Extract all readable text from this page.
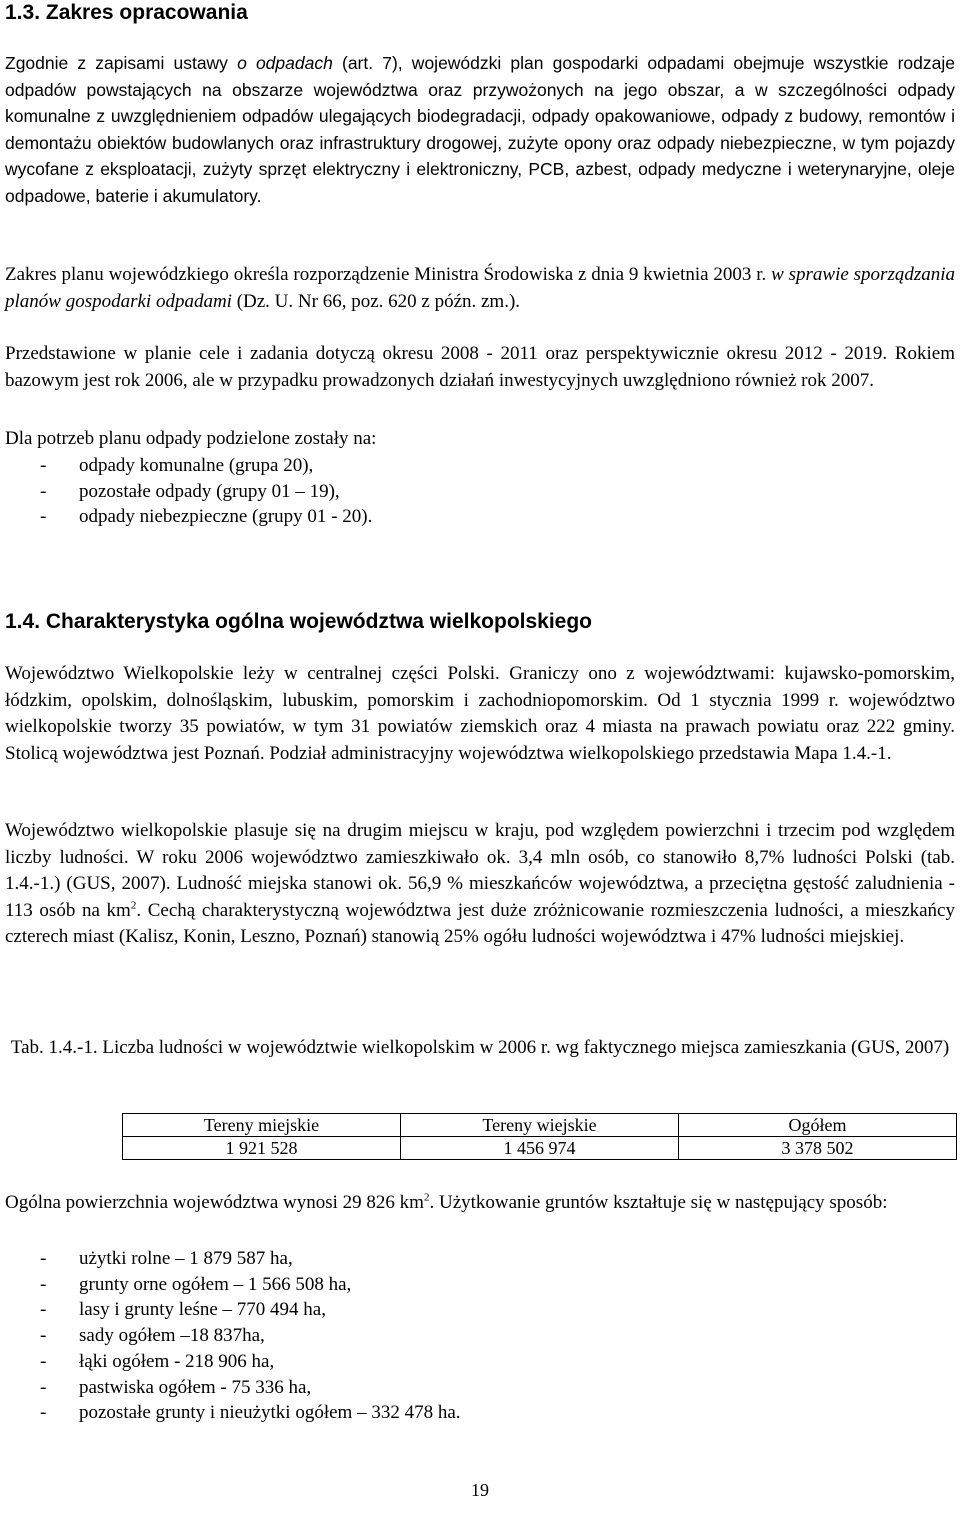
1.3. Zakres opracowania

Zgodnie z zapisami ustawy o odpadach (art. 7), wojewódzki plan gospodarki odpadami obejmuje wszystkie rodzaje odpadów powstających na obszarze województwa oraz przywożonych na jego obszar, a w szczególności odpady komunalne z uwzględnieniem odpadów ulegających biodegradacji, odpady opakowaniowe, odpady z budowy, remontów i demontażu obiektów budowlanych oraz infrastruktury drogowej, zużyte opony oraz odpady niebezpieczne, w tym pojazdy wycofane z eksploatacji, zużyty sprzęt elektryczny i elektroniczny, PCB, azbest, odpady medyczne i weterynaryjne, oleje odpadowe, baterie i akumulatory.

Zakres planu wojewódzkiego określa rozporządzenie Ministra Środowiska z dnia 9 kwietnia 2003 r. w sprawie sporządzania planów gospodarki odpadami (Dz. U. Nr 66, poz. 620 z późn. zm.).

Przedstawione w planie cele i zadania dotyczą okresu 2008 - 2011 oraz perspektywicznie okresu 2012 - 2019. Rokiem bazowym jest rok 2006, ale w przypadku prowadzonych działań inwestycyjnych uwzględniono również rok 2007.

Dla potrzeb planu odpady podzielone zostały na:

- odpady komunalne (grupa 20),
- pozostałe odpady (grupy 01 – 19),
- odpady niebezpieczne (grupy 01 - 20).
1.4. Charakterystyka ogólna województwa wielkopolskiego

Województwo Wielkopolskie leży w centralnej części Polski. Graniczy ono z województwami: kujawsko-pomorskim, łódzkim, opolskim, dolnośląskim, lubuskim, pomorskim i zachodniopomorskim. Od 1 stycznia 1999 r. województwo wielkopolskie tworzy 35 powiatów, w tym 31 powiatów ziemskich oraz 4 miasta na prawach powiatu oraz 222 gminy. Stolicą województwa jest Poznań. Podział administracyjny województwa wielkopolskiego przedstawia Mapa 1.4.-1.

Województwo wielkopolskie plasuje się na drugim miejscu w kraju, pod względem powierzchni i trzecim pod względem liczby ludności. W roku 2006 województwo zamieszkiwało ok. 3,4 mln osób, co stanowiło 8,7% ludności Polski (tab. 1.4.-1.) (GUS, 2007). Ludność miejska stanowi ok. 56,9 % mieszkańców województwa, a przeciętna gęstość zaludnienia - 113 osób na $km^2$. Cechą charakterystyczną województwa jest duże zróżnicowanie rozmieszczenia ludności, a mieszkańcy czterech miast (Kalisz, Konin, Leszno, Poznań) stanowią 25% ogółu ludności województwa i 47% ludności miejskiej.

Tab. 1.4.-1. Liczba ludności w województwie wielkopolskim w 2006 r. wg faktycznego miejsca zamieszkania (GUS, 2007)

Tereny miejskie	Tereny wiejskie	Ogółem
1 921 528	1 456 974	3 378 502

Ogólna powierzchnia województwa wynosi 29 826 $km^2$. Użytkowanie gruntów kształtuje się w następujący sposób:

- użytki rolne – 1 879 587 ha,
- grunty orne ogółem – 1 566 508 ha,
- lasy i grunty leśne – 770 494 ha,
- sady ogółem –18 837ha,
- łąki ogółem - 218 906 ha,
- pastwiska ogółem - 75 336 ha,
- pozostałe grunty i nieużytki ogółem – 332 478 ha.
19
